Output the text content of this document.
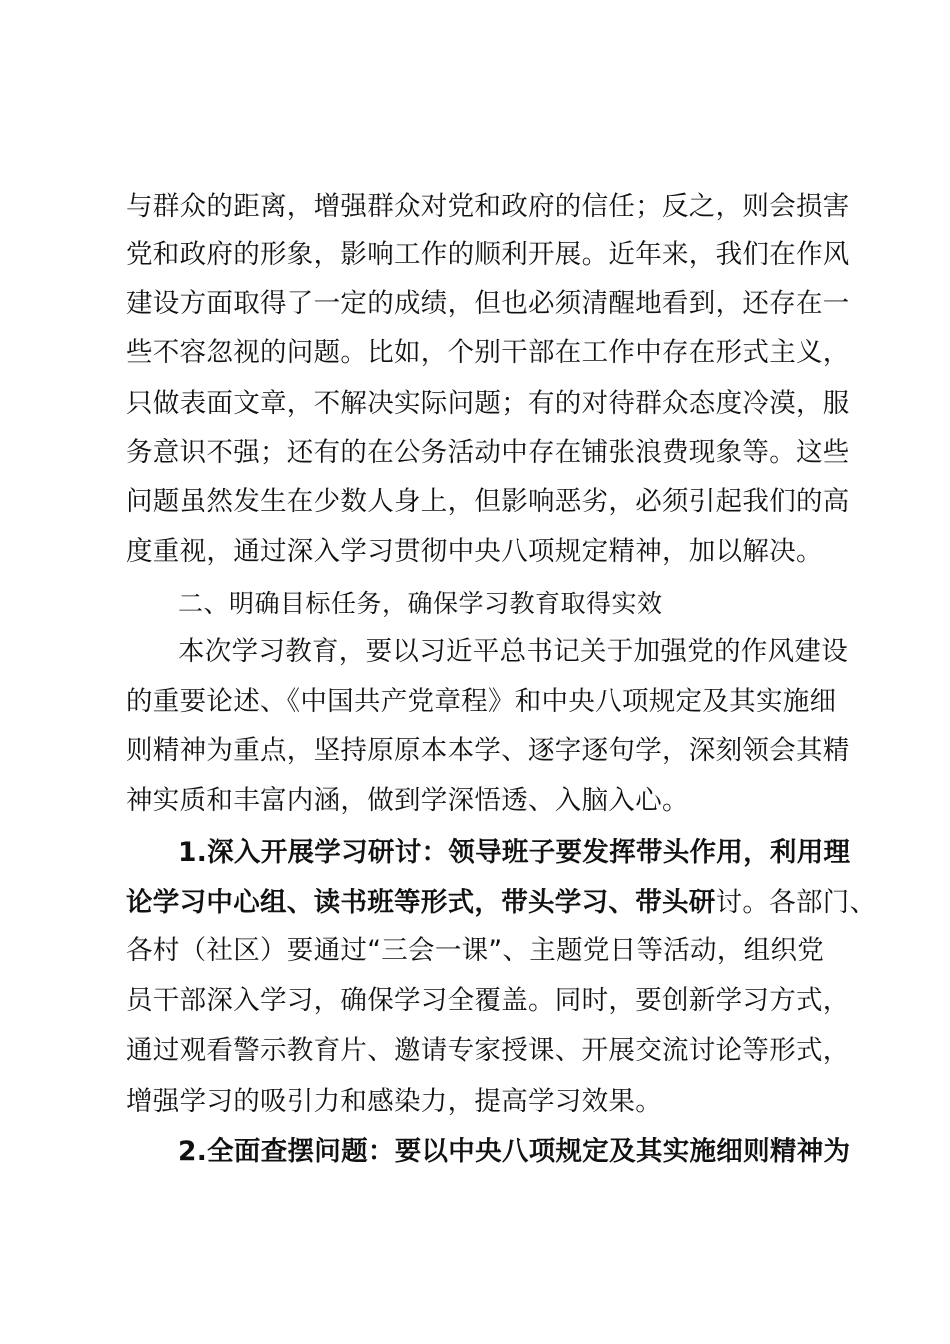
与群众的距离，增强群众对党和政府的信任；反之，则会损害
党和政府的形象，影响工作的顺利开展。近年来，我们在作风
建设方面取得了一定的成绩，但也必须清醒地看到，还存在一
些不容忽视的问题。比如，个别干部在工作中存在形式主义，
只做表面文章，不解决实际问题；有的对待群众态度冷漠，服
务意识不强；还有的在公务活动中存在铺张浪费现象等。这些
问题虽然发生在少数人身上，但影响恶劣，必须引起我们的高
度重视，通过深入学习贯彻中央八项规定精神，加以解决。
二、明确目标任务，确保学习教育取得实效
本次学习教育，要以习近平总书记关于加强党的作风建设
的重要论述、《中国共产党章程》和中央八项规定及其实施细
则精神为重点，坚持原原本本学、逐字逐句学，深刻领会其精
神实质和丰富内涵，做到学深悟透、入脑入心。
1.深入开展学习研讨：领导班子要发挥带头作用，利用理
论学习中心组、读书班等形式，带头学习、带头研讨。各部门、
各村（社区）要通过“三会一课”、主题党日等活动，组织党
员干部深入学习，确保学习全覆盖。同时，要创新学习方式，
通过观看警示教育片、邀请专家授课、开展交流讨论等形式，
增强学习的吸引力和感染力，提高学习效果。
2.全面查摆问题：要以中央八项规定及其实施细则精神为
